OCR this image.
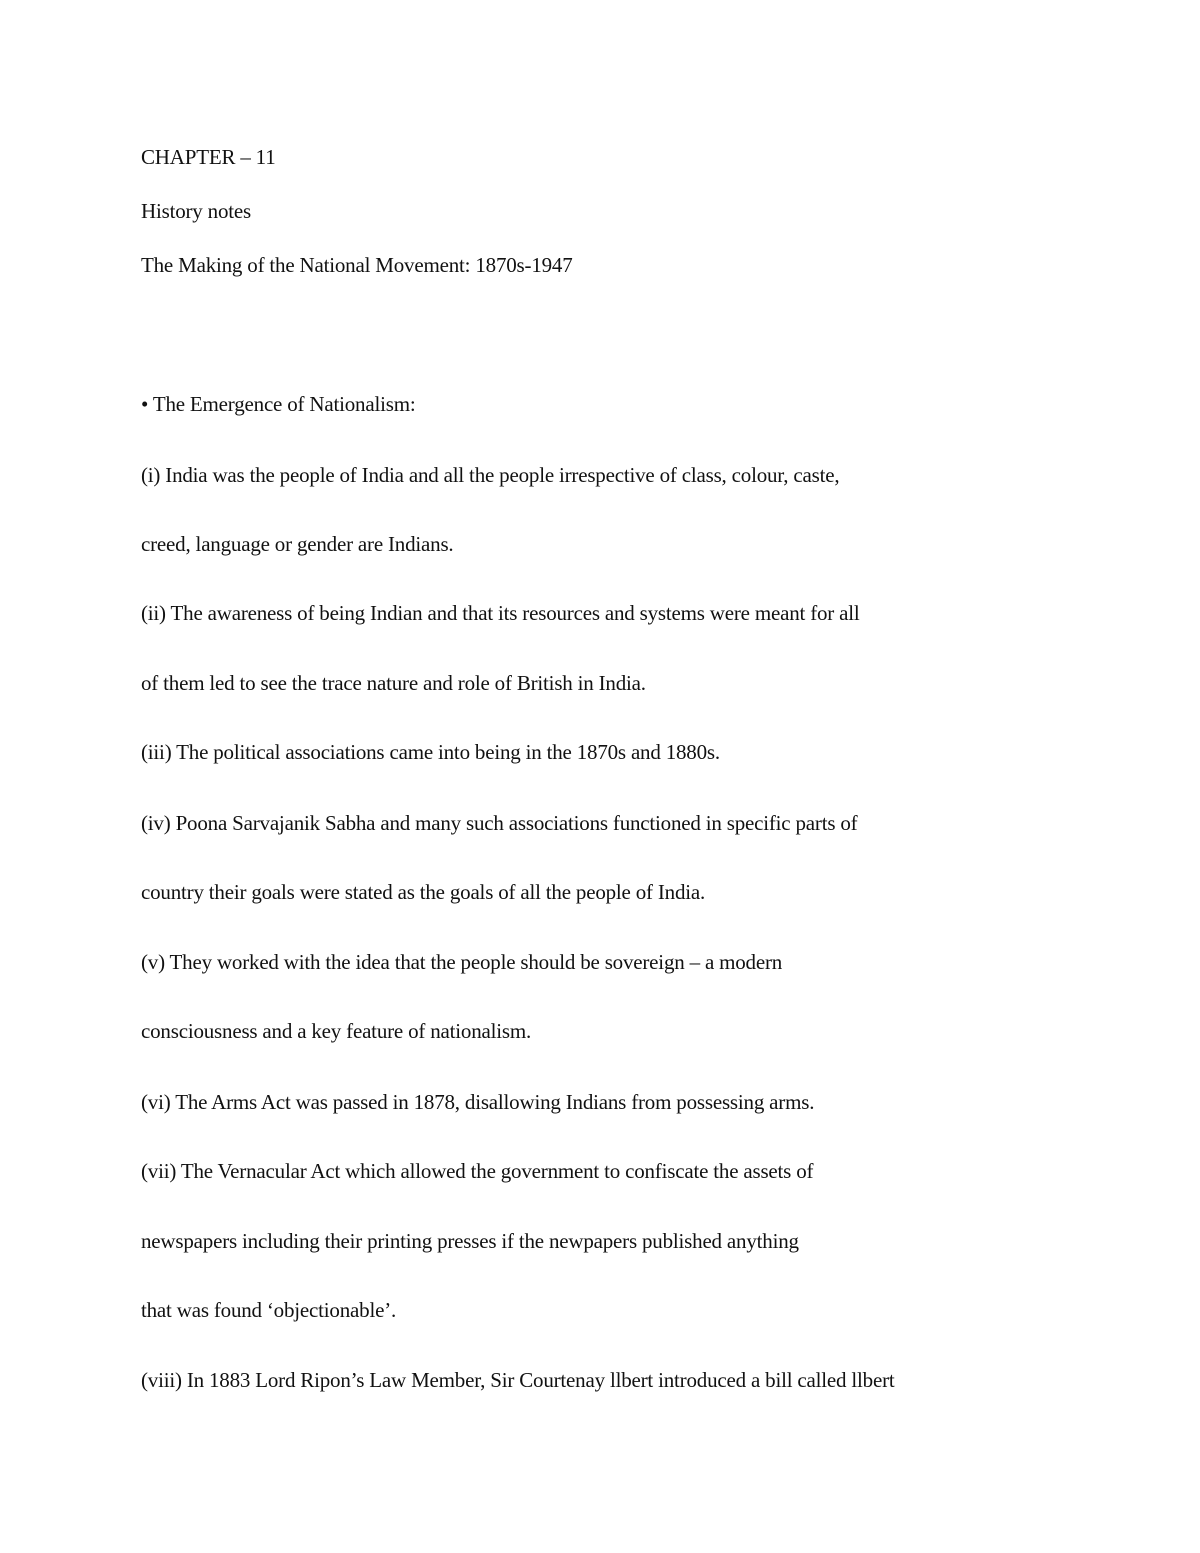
CHAPTER – 11
History notes
The Making of the National Movement: 1870s-1947
• The Emergence of Nationalism:
(i) India was the people of India and all the people irrespective of class, colour, caste,
creed, language or gender are Indians.
(ii) The awareness of being Indian and that its resources and systems were meant for all
of them led to see the trace nature and role of British in India.
(iii) The political associations came into being in the 1870s and 1880s.
(iv) Poona Sarvajanik Sabha and many such associations functioned in specific parts of
country their goals were stated as the goals of all the people of India.
(v) They worked with the idea that the people should be sovereign – a modern
consciousness and a key feature of nationalism.
(vi) The Arms Act was passed in 1878, disallowing Indians from possessing arms.
(vii) The Vernacular Act which allowed the government to confiscate the assets of
newspapers including their printing presses if the newpapers published anything
that was found ‘objectionable’.
(viii) In 1883 Lord Ripon’s Law Member, Sir Courtenay llbert introduced a bill called llbert
